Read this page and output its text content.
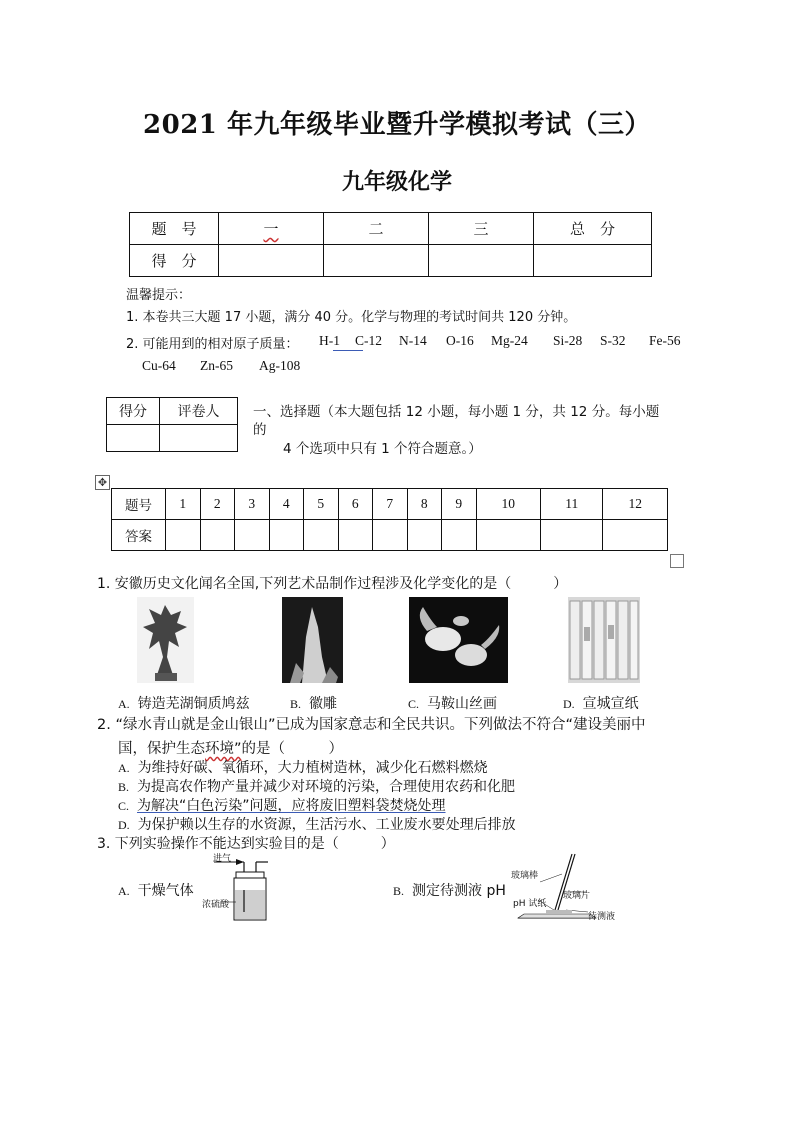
2021 年九年级毕业暨升学模拟考试（三）
九年级化学
题　号	一	二	三	总　分
得　分				
温馨提示：
1. 本卷共三大题 17 小题，满分 40 分。化学与物理的考试时间共 120 分钟。
2. 可能用到的相对原子质量： H-1 C-12 N-14 O-16 Mg-24 Si-28 S-32 Fe-56
Cu-64 Zn-65 Ag-108
得分	评卷人
	一、选择题（本大题包括 12 小题，每小题 1 分，共 12 分。每小题
的
4 个选项中只有 1 个符合题意。）
✥
题号	1	2	3	4	5	6	7	8	9	10	11	12
答案												
1. 安徽历史文化闻名全国,下列艺术品制作过程涉及化学变化的是（　　　）
A. 铸造芜湖铜质鸠兹	B. 徽雕	C. 马鞍山丝画	D. 宣城宣纸
2. “绿水青山就是金山银山”已成为国家意志和全民共识。下列做法不符合“建设美丽中
国，保护生态环境”的是（　　　）
A. 为维持好碳、氧循环，大力植树造林，减少化石燃料燃烧
B. 为提高农作物产量并减少对环境的污染，合理使用农药和化肥
C. 为解决“白色污染”问题，应将废旧塑料袋焚烧处理
D. 为保护赖以生存的水资源，生活污水、工业废水要处理后排放
3. 下列实验操作不能达到实验目的是（　　　）
A. 干燥气体
进气
浓硫酸
B. 测定待测液 pH
玻璃棒
pH 试纸
玻璃片
待测液
